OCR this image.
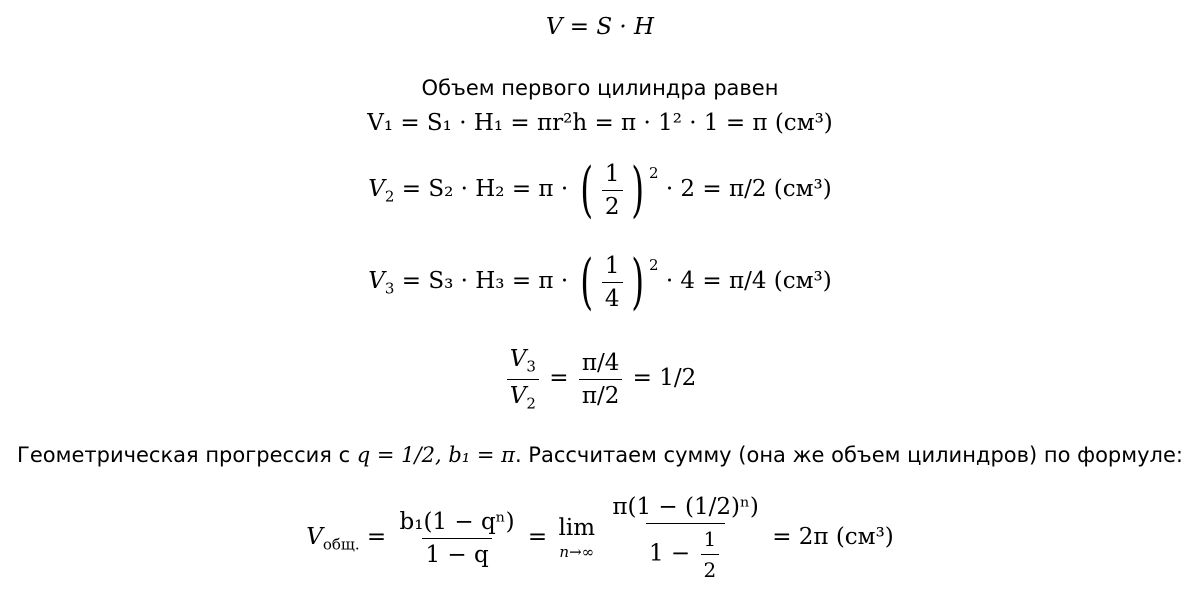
V = S · H
Объем первого цилиндра равен
V₁ = S₁ · H₁ = πr²h = π · 1² · 1 = π (см³)
$V_2 = S_2 \cdot H_2 = \pi$ · ( $\frac{1}{2}$ ) $^2$ · 2 = π/2 (см³)
$V_3 = S_3 \cdot H_3 = \pi$ · ( $\frac{1}{4}$ ) $^2$ · 4 = π/4 (см³)
$\frac{V_3}{V_2} = \frac{\pi/4}{\pi/2} = 1/2$
Геометрическая прогрессия с q = 1/2, b₁ = π. Рассчитаем сумму (она же объем цилиндров) по формуле:
$V_{общ.} = \frac{\text{b₁(1 − qⁿ)}}{1 - q} = \lim$
n→∞
$\frac{\text{π(1 − (1/2)ⁿ)}}{1 - \frac{1}{2}} = 2\pi$ (см³)
